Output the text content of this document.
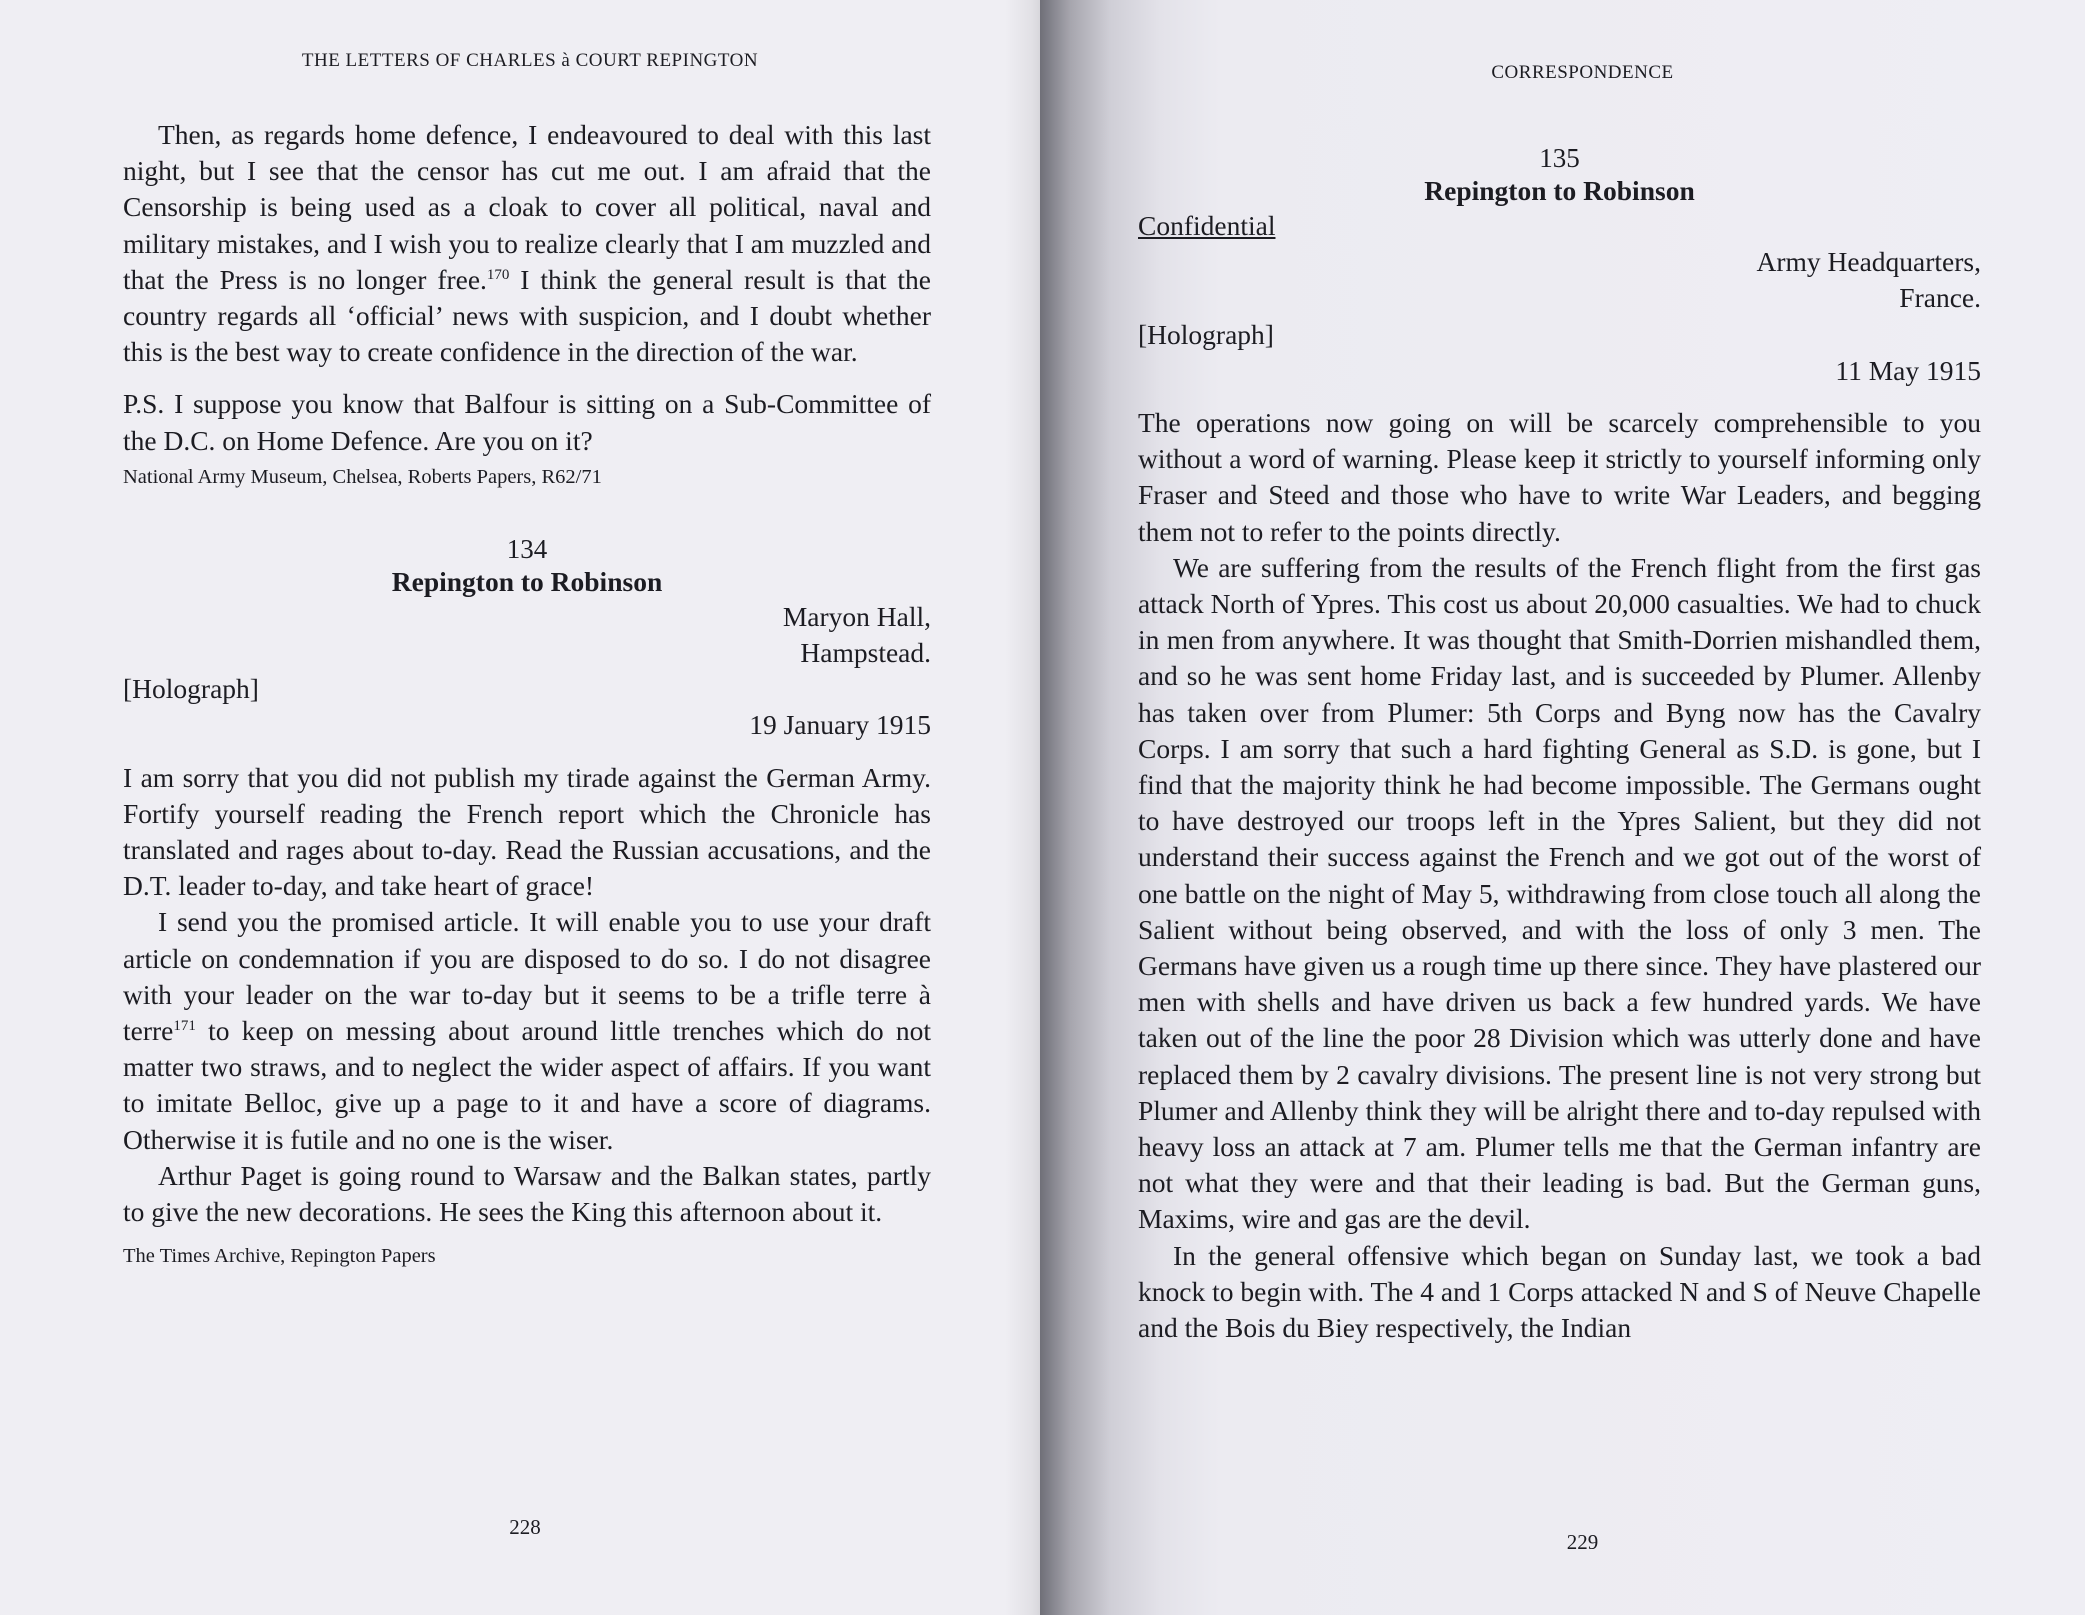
THE LETTERS OF CHARLES à COURT REPINGTON

Then, as regards home defence, I endeavoured to deal with this last night, but I see that the censor has cut me out. I am afraid that the Censorship is being used as a cloak to cover all political, naval and military mistakes, and I wish you to realize clearly that I am muzzled and that the Press is no longer free.$^{170}$ I think the general result is that the country regards all ‘official’ news with suspicion, and I doubt whether this is the best way to create confidence in the direction of the war.

P.S. I suppose you know that Balfour is sitting on a Sub-Committee of the D.C. on Home Defence. Are you on it?

National Army Museum, Chelsea, Roberts Papers, R62/71
134
Repington to Robinson
Maryon Hall,
Hampstead.
[Holograph]
19 January 1915

I am sorry that you did not publish my tirade against the German Army. Fortify yourself reading the French report which the Chronicle has translated and rages about to-day. Read the Russian accusations, and the D.T. leader to-day, and take heart of grace!

I send you the promised article. It will enable you to use your draft article on condemnation if you are disposed to do so. I do not disagree with your leader on the war to-day but it seems to be a trifle terre à terre$^{171}$ to keep on messing about around little trenches which do not matter two straws, and to neglect the wider aspect of affairs. If you want to imitate Belloc, give up a page to it and have a score of diagrams. Otherwise it is futile and no one is the wiser.

Arthur Paget is going round to Warsaw and the Balkan states, partly to give the new decorations. He sees the King this afternoon about it.

The Times Archive, Repington Papers
228
CORRESPONDENCE
135
Repington to Robinson
Confidential
Army Headquarters,
France.
[Holograph]
11 May 1915

The operations now going on will be scarcely comprehensible to you without a word of warning. Please keep it strictly to yourself informing only Fraser and Steed and those who have to write War Leaders, and begging them not to refer to the points directly.

We are suffering from the results of the French flight from the first gas attack North of Ypres. This cost us about 20,000 casualties. We had to chuck in men from anywhere. It was thought that Smith-Dorrien mishandled them, and so he was sent home Friday last, and is succeeded by Plumer. Allenby has taken over from Plumer: 5th Corps and Byng now has the Cavalry Corps. I am sorry that such a hard fighting General as S.D. is gone, but I find that the majority think he had become impossible. The Germans ought to have destroyed our troops left in the Ypres Salient, but they did not understand their success against the French and we got out of the worst of one battle on the night of May 5, withdrawing from close touch all along the Salient without being observed, and with the loss of only 3 men. The Germans have given us a rough time up there since. They have plastered our men with shells and have driven us back a few hundred yards. We have taken out of the line the poor 28 Division which was utterly done and have replaced them by 2 cavalry divisions. The present line is not very strong but Plumer and Allenby think they will be alright there and to-day repulsed with heavy loss an attack at 7 am. Plumer tells me that the German infantry are not what they were and that their leading is bad. But the German guns, Maxims, wire and gas are the devil.

In the general offensive which began on Sunday last, we took a bad knock to begin with. The 4 and 1 Corps attacked N and S of Neuve Chapelle and the Bois du Biey respectively, the Indian

229
